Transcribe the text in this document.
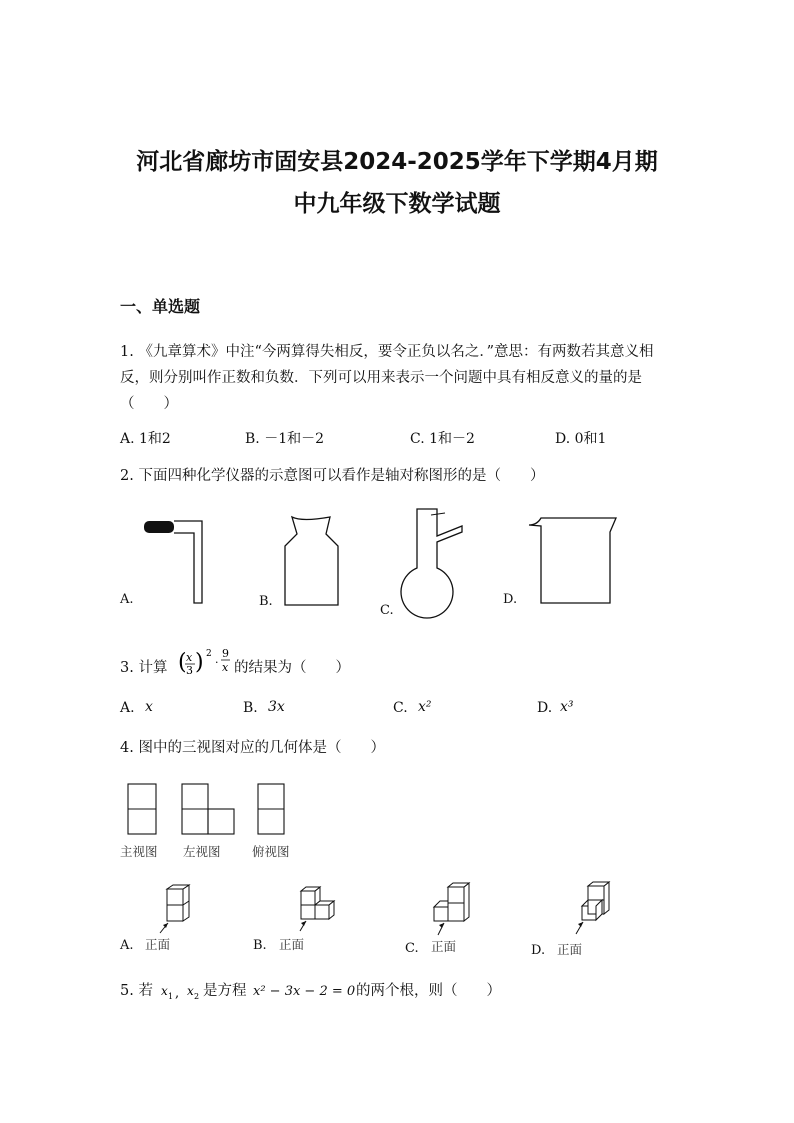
河北省廊坊市固安县2024-2025学年下学期4月期
中九年级下数学试题
一、单选题
1. 《九章算术》中注“今两算得失相反，要令正负以名之．”意思：有两数若其意义相反，则分别叫作正数和负数．下列可以用来表示一个问题中具有相反意义的量的是（　　）
A. 1和2	B. －1和－2	C. 1和－2	D. 0和1
2. 下面四种化学仪器的示意图可以看作是轴对称图形的是（　　）
A.	B.
C.
D.
3. 计算 ( x
3 ) 2
·
9
x 的结果为（　　）
A. x	B. 3x	C. x²	D. x³
4. 图中的三视图对应的几何体是（　　）
主视图 左视图	俯视图
A. 正面	B. 正面	C. 正面	D. 正面
5. 若 x 1 , x 2 是方程 x² − 3x − 2 = 0 的两个根，则（　　）
